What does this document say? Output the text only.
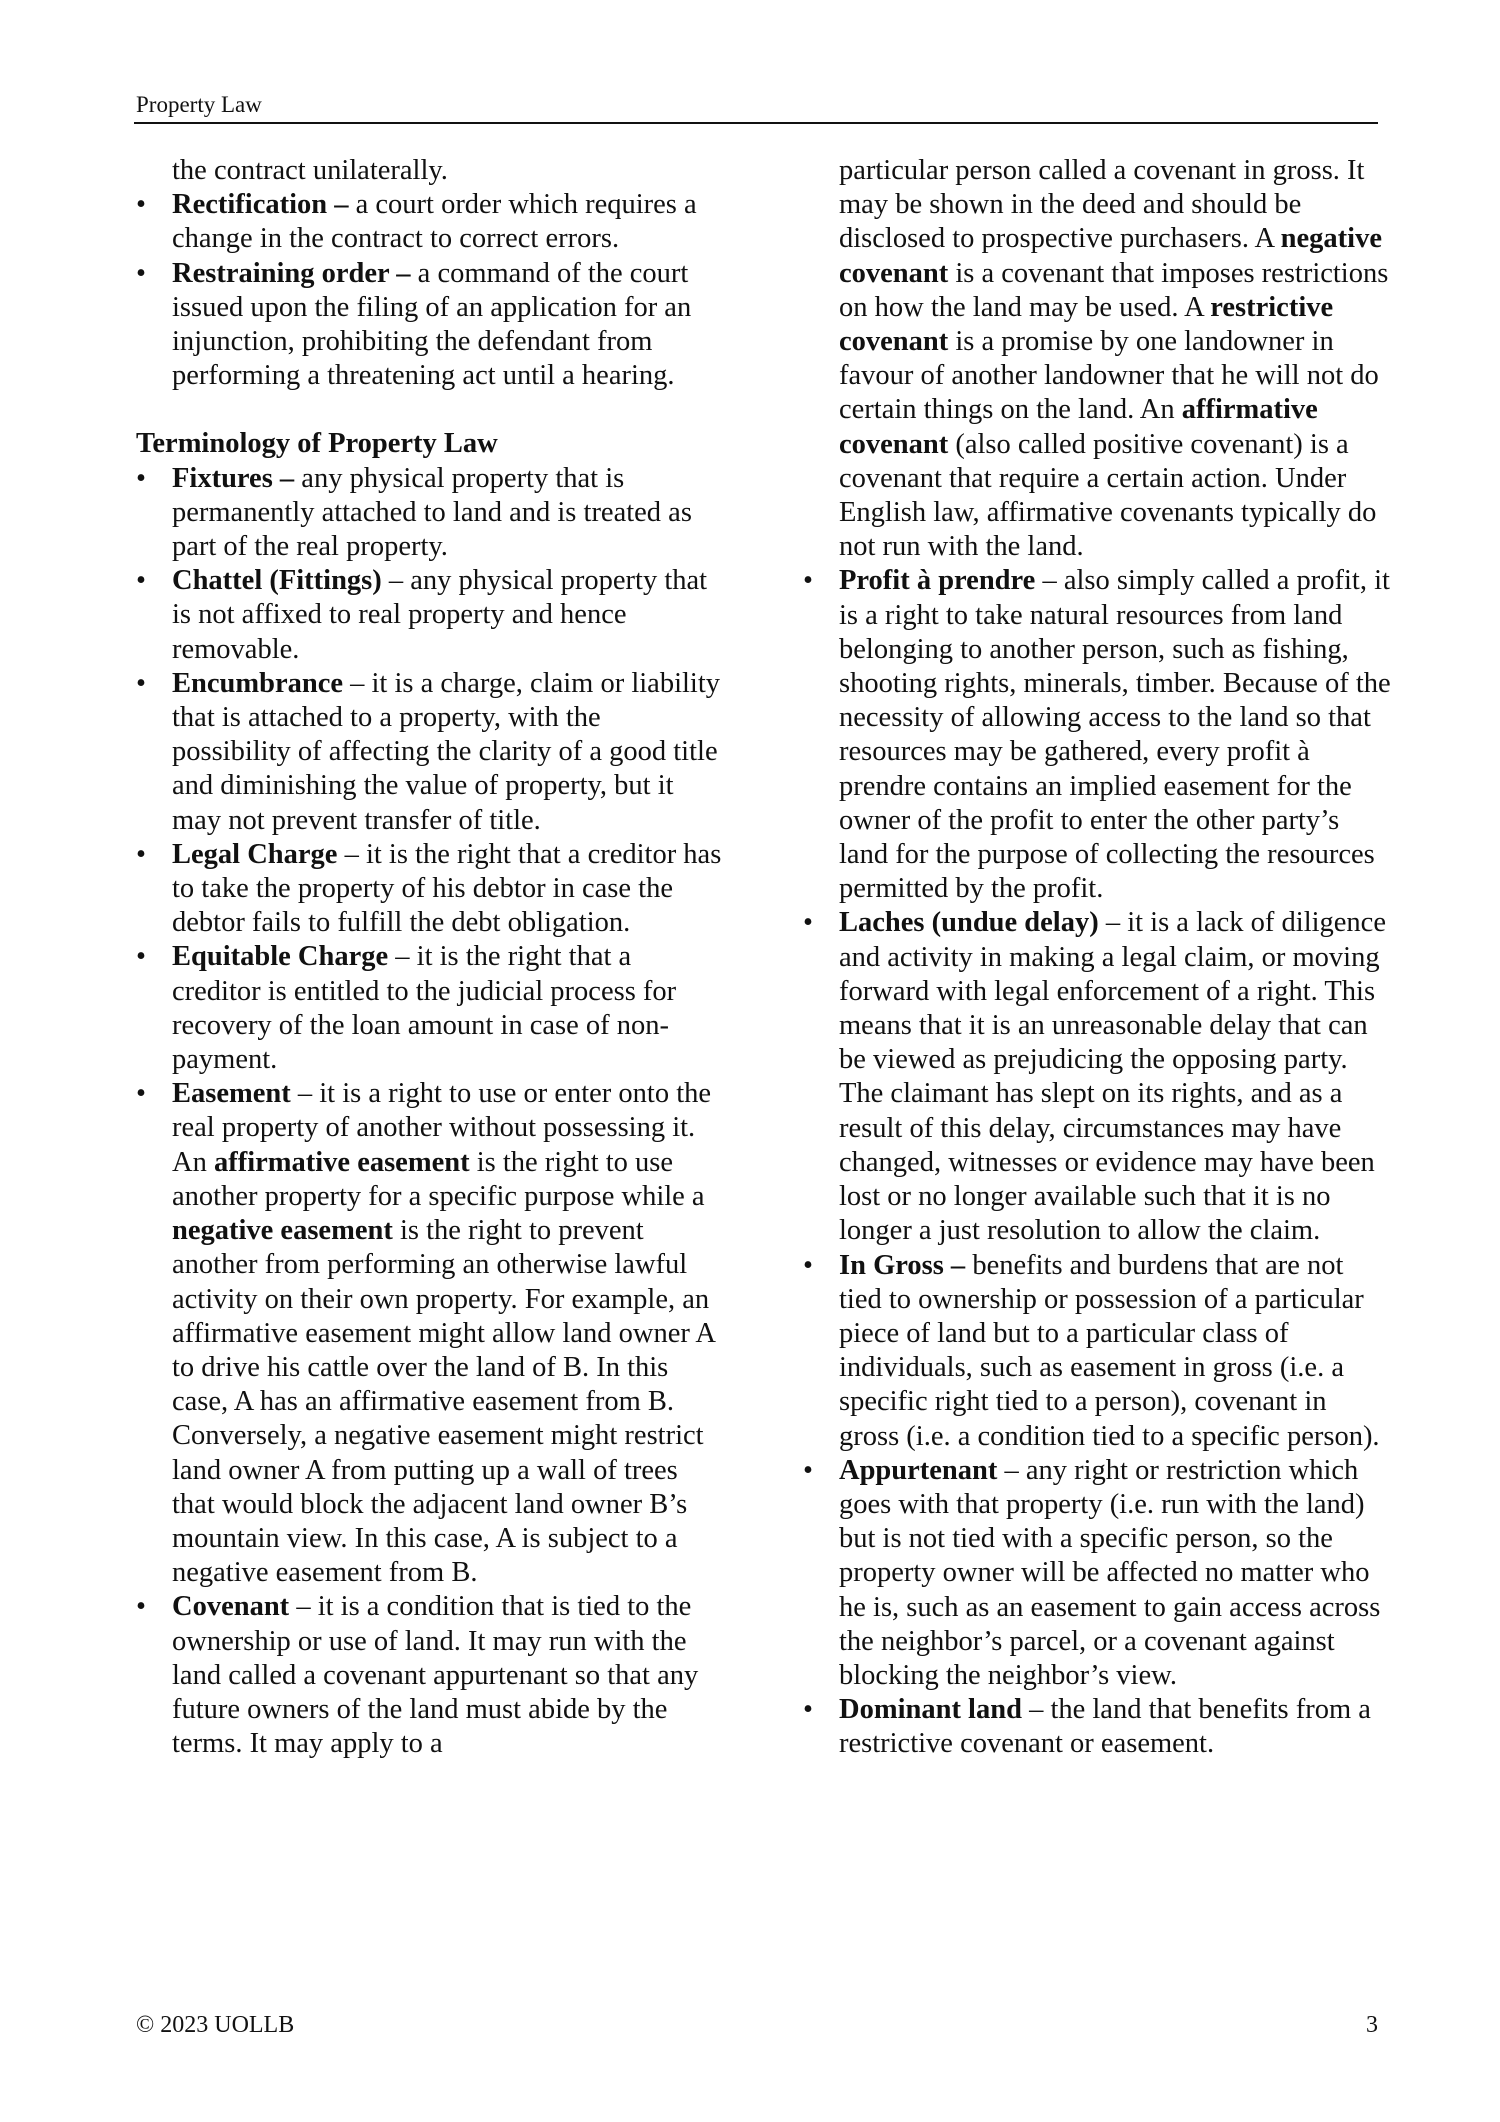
Property Law
the contract unilaterally.
• Rectification – a court order which requires a change in the contract to correct errors.
• Restraining order – a command of the court issued upon the filing of an application for an injunction, prohibiting the defendant from performing a threatening act until a hearing.
Terminology of Property Law
• Fixtures – any physical property that is permanently attached to land and is treated as part of the real property.
• Chattel (Fittings) – any physical property that is not affixed to real property and hence removable.
• Encumbrance – it is a charge, claim or liability that is attached to a property, with the possibility of affecting the clarity of a good title and diminishing the value of property, but it may not prevent transfer of title.
• Legal Charge – it is the right that a creditor has to take the property of his debtor in case the debtor fails to fulfill the debt obligation.
• Equitable Charge – it is the right that a creditor is entitled to the judicial process for recovery of the loan amount in case of non-payment.
• Easement – it is a right to use or enter onto the real property of another without possessing it. An affirmative easement is the right to use another property for a specific purpose while a negative easement is the right to prevent another from performing an otherwise lawful activity on their own property. For example, an affirmative easement might allow land owner A to drive his cattle over the land of B. In this case, A has an affirmative easement from B. Conversely, a negative easement might restrict land owner A from putting up a wall of trees that would block the adjacent land owner B’s mountain view. In this case, A is subject to a negative easement from B.
• Covenant – it is a condition that is tied to the ownership or use of land. It may run with the land called a covenant appurtenant so that any future owners of the land must abide by the terms. It may apply to a
particular person called a covenant in gross. It may be shown in the deed and should be disclosed to prospective purchasers. A negative covenant is a covenant that imposes restrictions on how the land may be used. A restrictive covenant is a promise by one landowner in favour of another landowner that he will not do certain things on the land. An affirmative covenant (also called positive covenant) is a covenant that require a certain action. Under English law, affirmative covenants typically do not run with the land.
• Profit à prendre – also simply called a profit, it is a right to take natural resources from land belonging to another person, such as fishing, shooting rights, minerals, timber. Because of the necessity of allowing access to the land so that resources may be gathered, every profit à prendre contains an implied easement for the owner of the profit to enter the other party’s land for the purpose of collecting the resources permitted by the profit.
• Laches (undue delay) – it is a lack of diligence and activity in making a legal claim, or moving forward with legal enforcement of a right. This means that it is an unreasonable delay that can be viewed as prejudicing the opposing party. The claimant has slept on its rights, and as a result of this delay, circumstances may have changed, witnesses or evidence may have been lost or no longer available such that it is no longer a just resolution to allow the claim.
• In Gross – benefits and burdens that are not tied to ownership or possession of a particular piece of land but to a particular class of individuals, such as easement in gross (i.e. a specific right tied to a person), covenant in gross (i.e. a condition tied to a specific person).
• Appurtenant – any right or restriction which goes with that property (i.e. run with the land) but is not tied with a specific person, so the property owner will be affected no matter who he is, such as an easement to gain access across the neighbor’s parcel, or a covenant against blocking the neighbor’s view.
• Dominant land – the land that benefits from a restrictive covenant or easement.
© 2023 UOLLB	3
